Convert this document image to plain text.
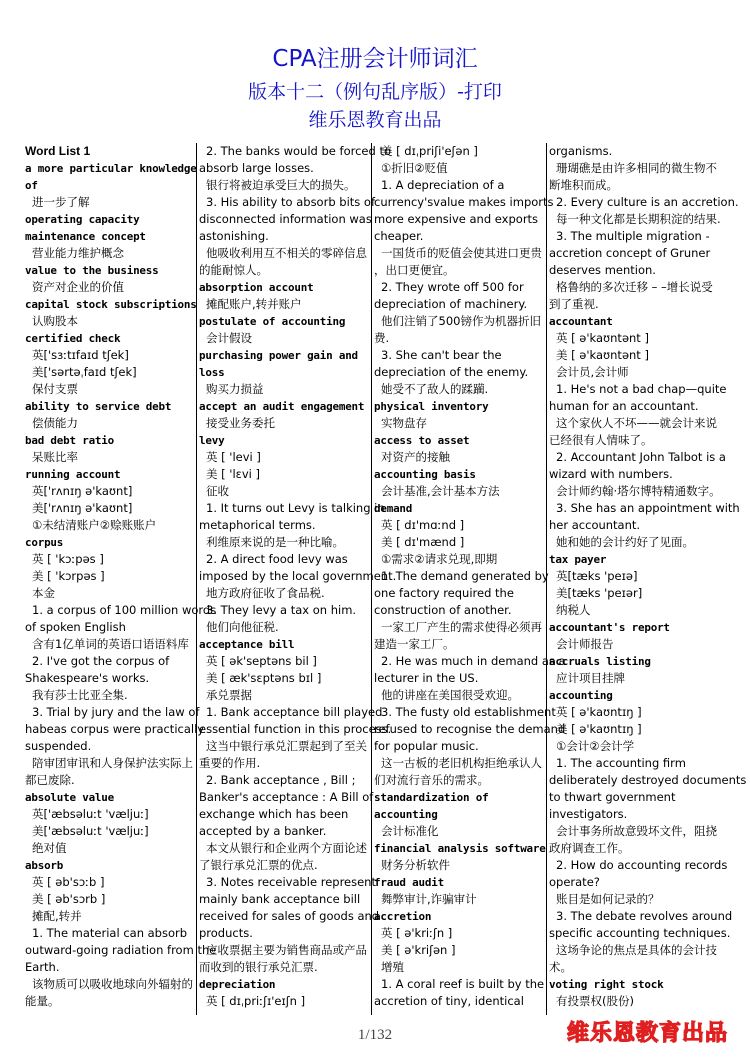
CPA注册会计师词汇
版本十二（例句乱序版）-打印
维乐恩教育出品
Word List 1
a more particular knowledge
of
进一步了解
operating capacity
maintenance concept
营业能力维护概念
value to the business
资产对企业的价值
capital stock subscriptions
认购股本
certified check
英['sɜːtɪfaɪd tʃek]
美['sərtəˌfaɪd tʃek]
保付支票
ability to service debt
偿债能力
bad debt ratio
呆账比率
running account
英['rʌnɪŋ ə'kaʊnt]
美['rʌnɪŋ ə'kaʊnt]
①未结清账户②赊账账户
corpus
英 [ 'kɔːpəs ]
美 [ 'kɔrpəs ]
本金
1. a corpus of 100 million words
of spoken English
含有1亿单词的英语口语语料库
2. I've got the corpus of
Shakespeare's works.
我有莎士比亚全集.
3. Trial by jury and the law of
habeas corpus were practically
suspended.
陪审团审讯和人身保护法实际上
都已废除.
absolute value
英['æbsəluːt 'væljuː]
美['æbsəluːt 'væljuː]
绝对值
absorb
英 [ əb'sɔːb ]
美 [ əb'sɔrb ]
摊配,转并
1. The material can absorb
outward-going radiation from the
Earth.
该物质可以吸收地球向外辐射的
能量。
2. The banks would be forced to
absorb large losses.
银行将被迫承受巨大的损失。
3. His ability to absorb bits of
disconnected information was
astonishing.
他吸收利用互不相关的零碎信息
的能耐惊人。
absorption account
摊配账户,转并账户
postulate of accounting
会计假设
purchasing power gain and
loss
购买力损益
accept an audit engagement
接受业务委托
levy
英 [ 'levi ]
美 [ 'lɛvi ]
征收
1. It turns out Levy is talking in
metaphorical terms.
利维原来说的是一种比喻。
2. A direct food levy was
imposed by the local government.
地方政府征收了食品税.
3. They levy a tax on him.
他们向他征税.
acceptance bill
英 [ ək'septəns bil ]
美 [ æk'sɛptəns bɪl ]
承兑票据
1. Bank acceptance bill played
essential function in this process.
这当中银行承兑汇票起到了至关
重要的作用.
2. Bank acceptance , Bill ;
Banker's acceptance : A Bill of
exchange which has been
accepted by a banker.
本文从银行和企业两个方面论述
了银行承兑汇票的优点.
3. Notes receivable represent
mainly bank acceptance bill
received for sales of goods and
products.
应收票据主要为销售商品或产品
而收到的银行承兑汇票.
depreciation
英 [ dɪˌpriːʃɪ'eɪʃn ]
美 [ dɪˌpriʃi'eʃən ]
①折旧②贬值
1. A depreciation of a
currency'svalue makes imports
more expensive and exports
cheaper.
一国货币的贬值会使其进口更贵
，出口更便宜。
2. They wrote off 500 for
depreciation of machinery.
他们注销了500镑作为机器折旧
费.
3. She can't bear the
depreciation of the enemy.
她受不了敌人的蹂躏.
physical inventory
实物盘存
access to asset
对资产的接触
accounting basis
会计基准,会计基本方法
demand
英 [ dɪ'mɑːnd ]
美 [ dɪ'mænd ]
①需求②请求兑现,即期
1. The demand generated by
one factory required the
construction of another.
一家工厂产生的需求使得必须再
建造一家工厂。
2. He was much in demand as a
lecturer in the US.
他的讲座在美国很受欢迎。
3. The fusty old establishment
refused to recognise the demand
for popular music.
这一古板的老旧机构拒绝承认人
们对流行音乐的需求。
standardization of
accounting
会计标准化
financial analysis software
财务分析软件
fraud audit
舞弊审计,诈骗审计
accretion
英 [ ə'kriːʃn ]
美 [ ə'kriʃən ]
增殖
1. A coral reef is built by the
accretion of tiny, identical
organisms.
珊瑚礁是由许多相同的微生物不
断堆积而成。
2. Every culture is an accretion.
每一种文化都是长期积淀的结果.
3. The multiple migration -
accretion concept of Gruner
deserves mention.
格鲁纳的多次迁移 – –增长说受
到了重视.
accountant
英 [ ə'kaʊntənt ]
美 [ ə'kaʊntənt ]
会计员,会计师
1. He's not a bad chap—quite
human for an accountant.
这个家伙人不坏——就会计来说
已经很有人情味了。
2. Accountant John Talbot is a
wizard with numbers.
会计师约翰·塔尔博特精通数字。
3. She has an appointment with
her accountant.
她和她的会计约好了见面。
tax payer
英[tæks 'peɪə]
美[tæks 'peɪər]
纳税人
accountant's report
会计师报告
accruals listing
应计项目挂牌
accounting
英 [ ə'kaʊntɪŋ ]
美 [ ə'kaʊntɪŋ ]
①会计②会计学
1. The accounting firm
deliberately destroyed documents
to thwart government
investigators.
会计事务所故意毁坏文件，阻挠
政府调查工作。
2. How do accounting records
operate?
账目是如何记录的？
3. The debate revolves around
specific accounting techniques.
这场争论的焦点是具体的会计技
术。
voting right stock
有投票权(股份)
1/132	维乐恩教育出品
